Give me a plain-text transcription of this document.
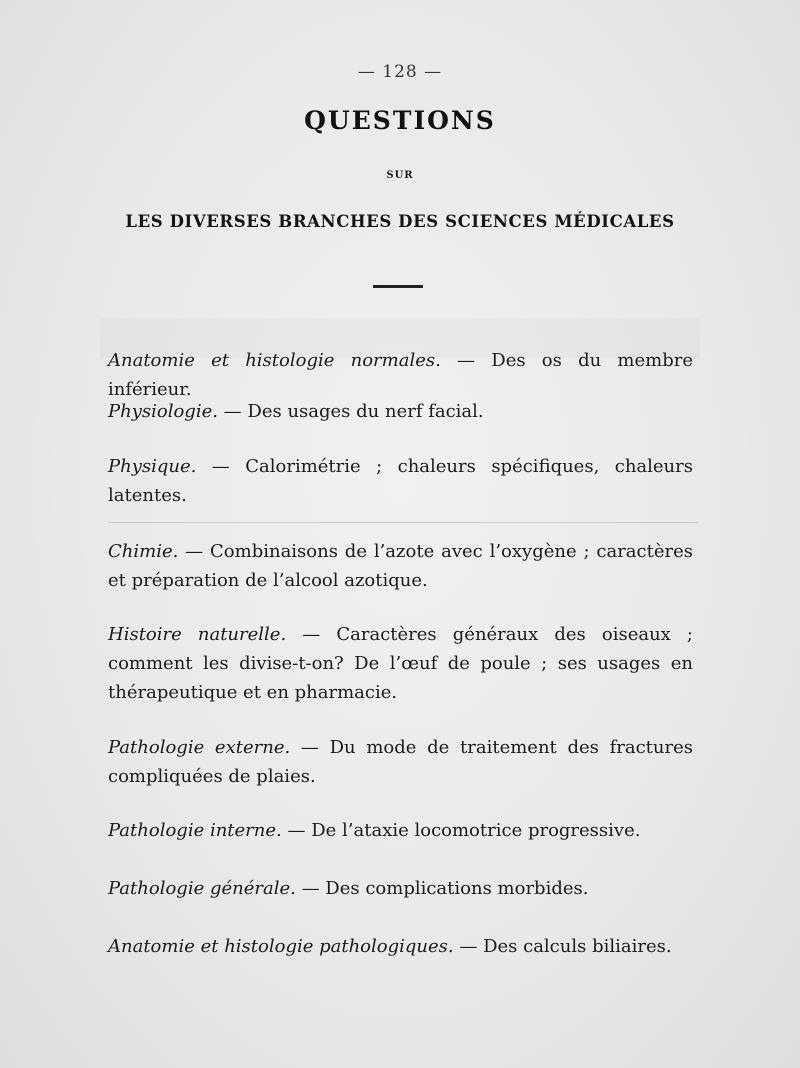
— 128 —
QUESTIONS
SUR
LES DIVERSES BRANCHES DES SCIENCES MÉDICALES
Anatomie et histologie normales. — Des os du membre inférieur.
Physiologie. — Des usages du nerf facial.
Physique. — Calorimétrie ; chaleurs spécifiques, chaleurs latentes.
Chimie. — Combinaisons de l’azote avec l’oxygène ; caractères et préparation de l’alcool azotique.
Histoire naturelle. — Caractères généraux des oiseaux ; comment les divise-t-on? De l’œuf de poule ; ses usages en thérapeutique et en pharmacie.
Pathologie externe. — Du mode de traitement des fractures compliquées de plaies.
Pathologie interne. — De l’ataxie locomotrice progressive.
Pathologie générale. — Des complications morbides.
Anatomie et histologie pathologiques. — Des calculs biliaires.
